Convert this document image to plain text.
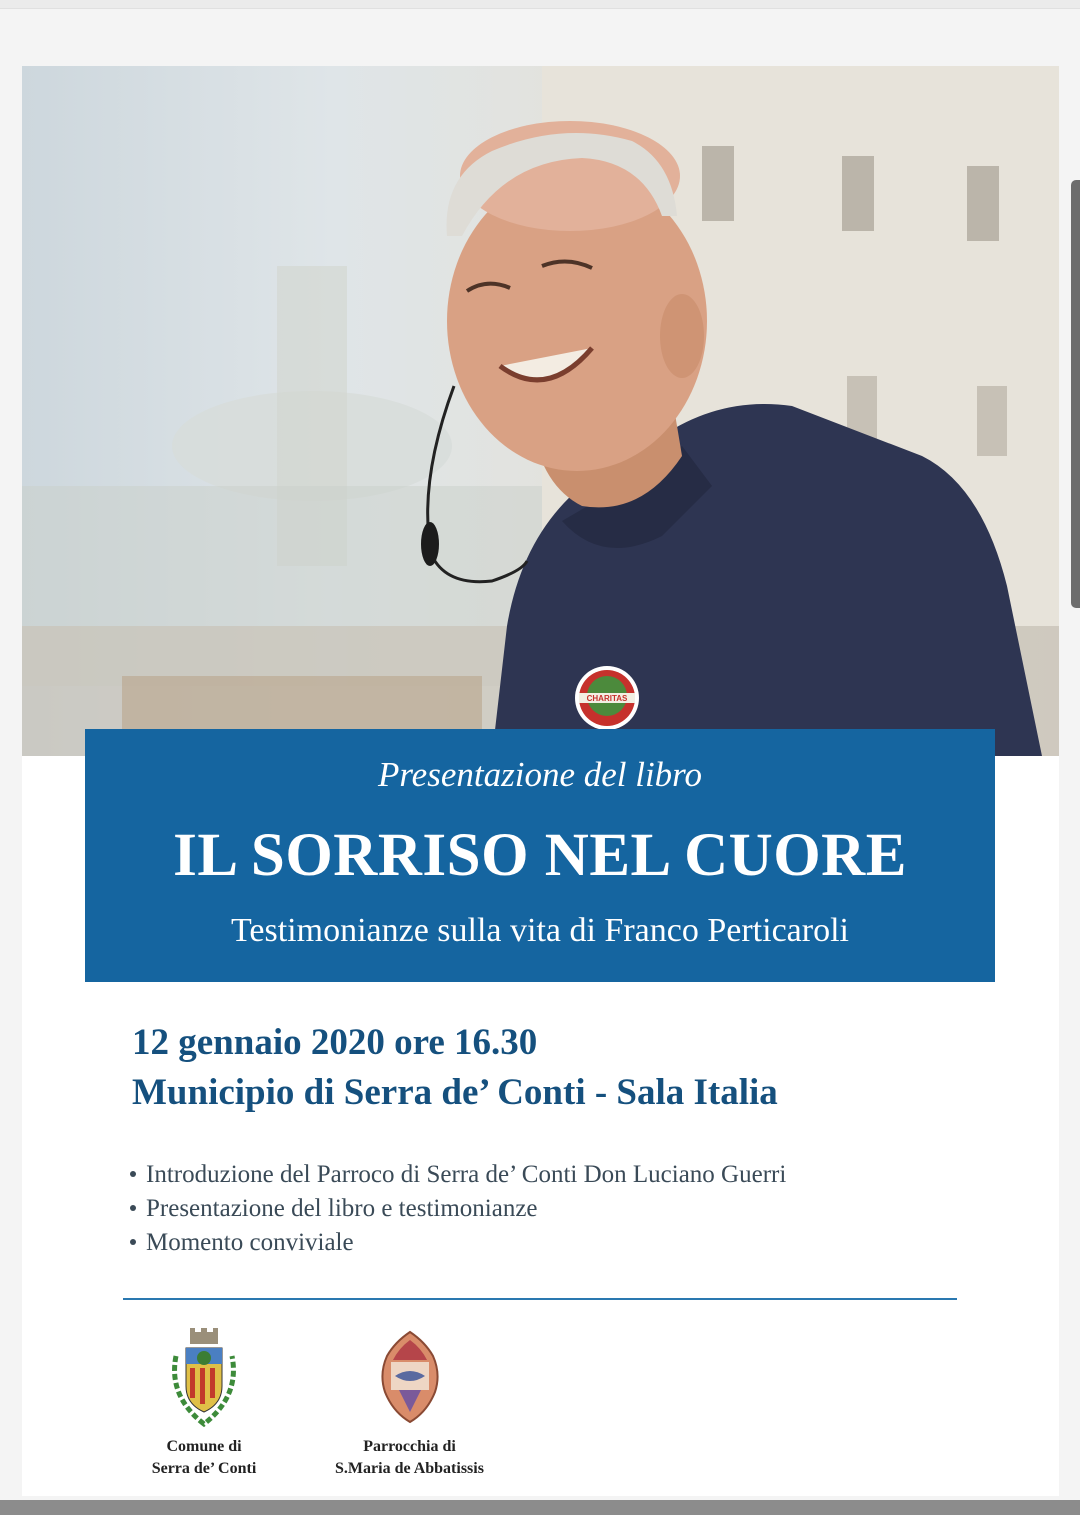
CHARITAS
Presentazione del libro
IL SORRISO NEL CUORE
Testimonianze sulla vita di Franco Perticaroli
12 gennaio 2020 ore 16.30
Municipio di Serra de’ Conti - Sala Italia
Introduzione del Parroco di Serra de’ Conti Don Luciano Guerri
Presentazione del libro e testimonianze
Momento conviviale
Comune di
Serra de’ Conti
Parrocchia di
S.Maria de Abbatissis
